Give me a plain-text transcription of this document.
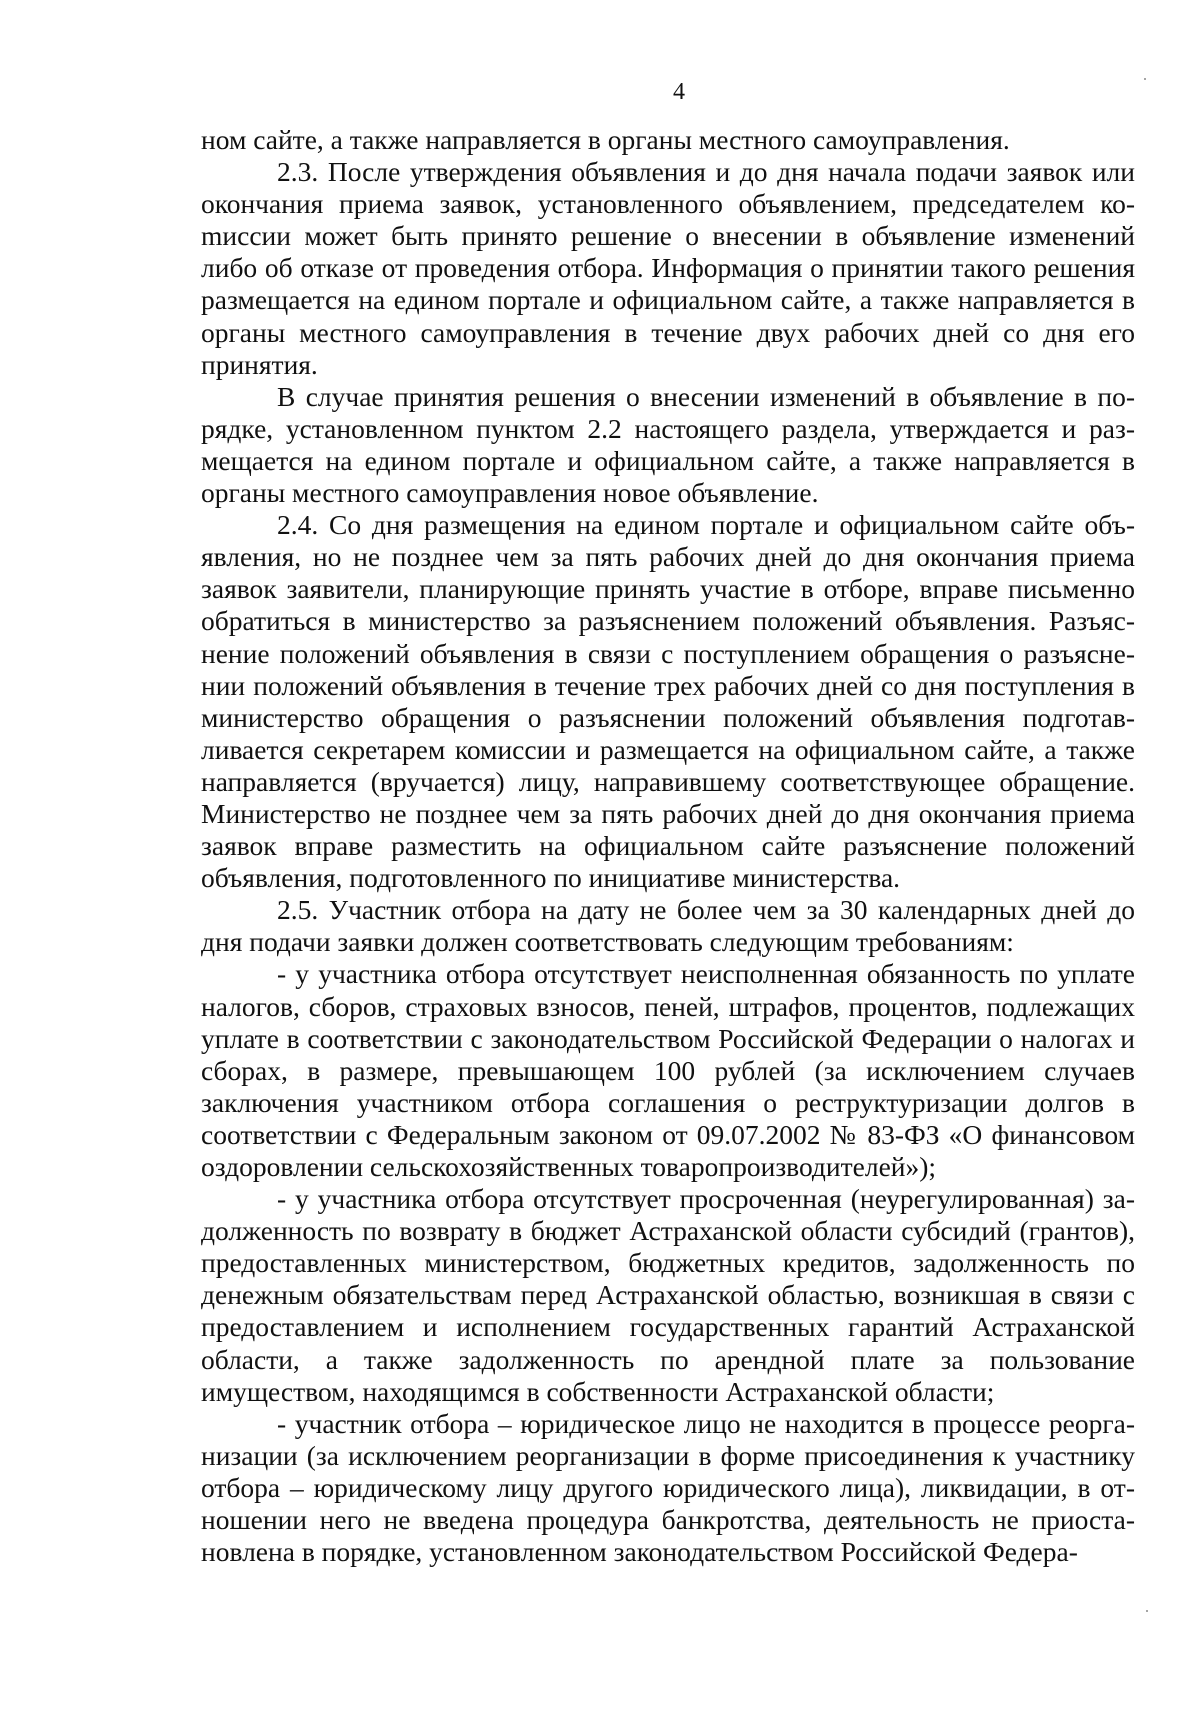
4

ном сайте, а также направляется в органы местного самоуправления.

2.3. После утверждения объявления и до дня начала подачи заявок или окончания приема заявок, установленного объявлением, председателем коmиссии может быть принято решение о внесении в объявление изменений либо об отказе от проведения отбора. Информация о принятии такого решения размещается на едином портале и официальном сайте, а также направляется в органы местного самоуправления в течение двух рабочих дней со дня его принятия.

В случае принятия решения о внесении изменений в объявление в порядке, установленном пунктом 2.2 настоящего раздела, утверждается и размещается на едином портале и официальном сайте, а также направляется в органы местного самоуправления новое объявление.

2.4. Со дня размещения на едином портале и официальном сайте объявления, но не позднее чем за пять рабочих дней до дня окончания приема заявок заявители, планирующие принять участие в отборе, вправе письменно обратиться в министерство за разъяснением положений объявления. Разъяснение положений объявления в связи с поступлением обращения о разъяснении положений объявления в течение трех рабочих дней со дня поступления в министерство обращения о разъяснении положений объявления подготавливается секретарем комиссии и размещается на официальном сайте, а также направляется (вручается) лицу, направившему соответствующее обращение. Министерство не позднее чем за пять рабочих дней до дня окончания приема заявок вправе разместить на официальном сайте разъяснение положений объявления, подготовленного по инициативе министерства.

2.5. Участник отбора на дату не более чем за 30 календарных дней до дня подачи заявки должен соответствовать следующим требованиям:

- у участника отбора отсутствует неисполненная обязанность по уплате налогов, сборов, страховых взносов, пеней, штрафов, процентов, подлежащих уплате в соответствии с законодательством Российской Федерации о налогах и сборах, в размере, превышающем 100 рублей (за исключением случаев заключения участником отбора соглашения о реструктуризации долгов в соответствии с Федеральным законом от 09.07.2002 № 83-ФЗ «О финансовом оздоровлении сельскохозяйственных товаропроизводителей»);

- у участника отбора отсутствует просроченная (неурегулированная) задолженность по возврату в бюджет Астраханской области субсидий (грантов), предоставленных министерством, бюджетных кредитов, задолженность по денежным обязательствам перед Астраханской областью, возникшая в связи с предоставлением и исполнением государственных гарантий Астраханской области, а также задолженность по арендной плате за пользование имуществом, находящимся в собственности Астраханской области;

- участник отбора – юридическое лицо не находится в процессе реорганизации (за исключением реорганизации в форме присоединения к участнику отбора – юридическому лицу другого юридического лица), ликвидации, в отношении него не введена процедура банкротства, деятельность не приостановлена в порядке, установленном законодательством Российской Федера-
